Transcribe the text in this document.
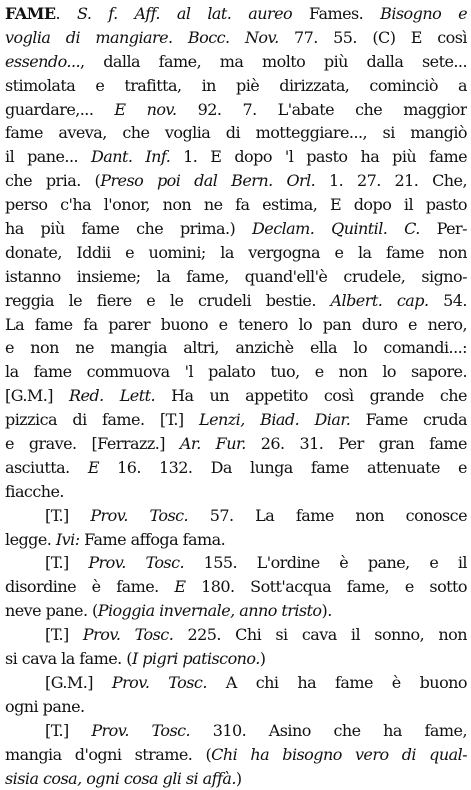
FAME. S. f. Aff. al lat. aureo Fames. Bisogno e
voglia di mangiare. Bocc. Nov. 77. 55. (C) E così
essendo..., dalla fame, ma molto più dalla sete...
stimolata e trafitta, in piè dirizzata, cominciò a
guardare,... E nov. 92. 7. L'abate che maggior
fame aveva, che voglia di motteggiare..., si mangiò
il pane... Dant. Inf. 1. E dopo 'l pasto ha più fame
che pria. (Preso poi dal Bern. Orl. 1. 27. 21. Che,
perso c'ha l'onor, non ne fa estima, E dopo il pasto
ha più fame che prima.) Declam. Quintil. C. Per-
donate, Iddii e uomini; la vergogna e la fame non
istanno insieme; la fame, quand'ell'è crudele, signo-
reggia le fiere e le crudeli bestie. Albert. cap. 54.
La fame fa parer buono e tenero lo pan duro e nero,
e non ne mangia altri, anzichè ella lo comandi...:
la fame commuova 'l palato tuo, e non lo sapore.
[G.M.] Red. Lett. Ha un appetito così grande che
pizzica di fame. [T.] Lenzi, Biad. Diar. Fame cruda
e grave. [Ferrazz.] Ar. Fur. 26. 31. Per gran fame
asciutta. E 16. 132. Da lunga fame attenuate e
fiacche.
[T.] Prov. Tosc. 57. La fame non conosce
legge. Ivi: Fame affoga fama.
[T.] Prov. Tosc. 155. L'ordine è pane, e il
disordine è fame. E 180. Sott'acqua fame, e sotto
neve pane. (Pioggia invernale, anno tristo).
[T.] Prov. Tosc. 225. Chi si cava il sonno, non
si cava la fame. (I pigri patiscono.)
[G.M.] Prov. Tosc. A chi ha fame è buono
ogni pane.
[T.] Prov. Tosc. 310. Asino che ha fame,
mangia d'ogni strame. (Chi ha bisogno vero di qual-
sisia cosa, ogni cosa gli si affà.)
